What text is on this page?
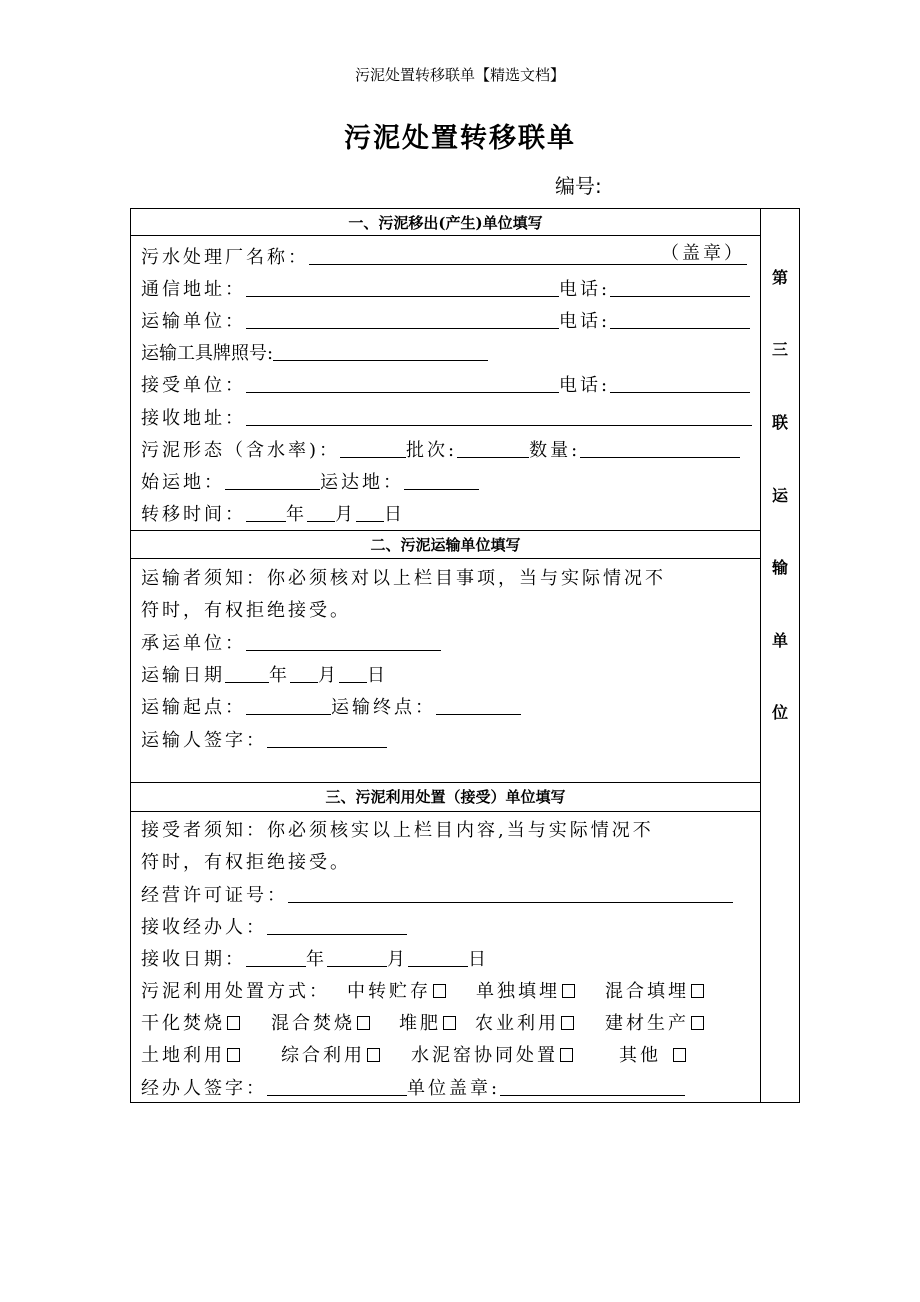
污泥处置转移联单【精选文档】
污泥处置转移联单
编号:
一、污泥移出(产生)单位填写
污水处理厂名称：	（盖章）
通信地址：	电话:
运输单位：	电话:
运输工具牌照号:
接受单位：	电话:
接收地址：
污泥形态（含水率)：	批次:	数量:
始运地：	运达地：
转移时间： 年 月 日
二、污泥运输单位填写
运输者须知：你必须核对以上栏目事项，当与实际情况不
符时，有权拒绝接受。
承运单位：
运输日期 年 月 日
运输起点：	运输终点：
运输人签字：
三、污泥利用处置（接受）单位填写
接受者须知：你必须核实以上栏目内容,当与实际情况不
符时，有权拒绝接受。
经营许可证号：
接收经办人：
接收日期：	年	月	日
污泥利用处置方式： 中转贮存	单独填埋	混合填埋
干化焚烧	混合焚烧	堆肥	农业利用	建材生产
土地利用	综合利用	水泥窑协同处置	其他
经办人签字：	单位盖章:
第
三
联
运
输
单
位
